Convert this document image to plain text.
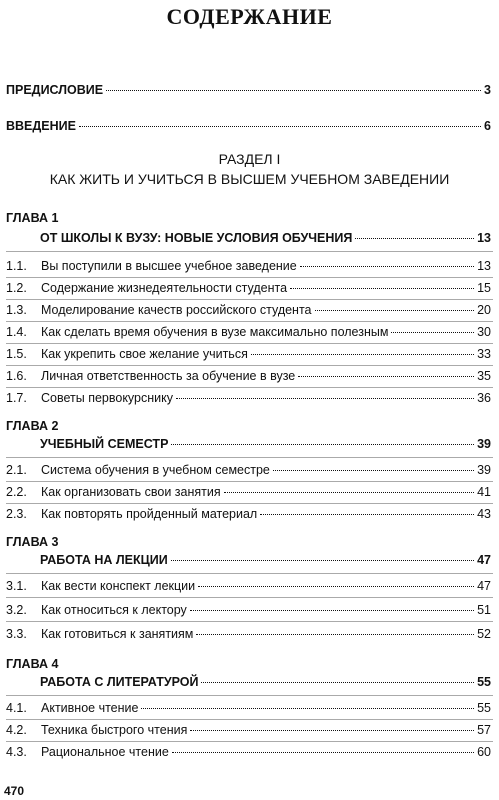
СОДЕРЖАНИЕ
ПРЕДИСЛОВИЕ	3
ВВЕДЕНИЕ	6
РАЗДЕЛ I
КАК ЖИТЬ И УЧИТЬСЯ В ВЫСШЕМ УЧЕБНОМ ЗАВЕДЕНИИ
ГЛАВА 1
ОТ ШКОЛЫ К ВУЗУ: НОВЫЕ УСЛОВИЯ ОБУЧЕНИЯ	13
1.1.	Вы поступили в высшее учебное заведение	13
1.2.	Содержание жизнедеятельности студента	15
1.3.	Моделирование качеств российского студента	20
1.4.	Как сделать время обучения в вузе максимально полезным	30
1.5.	Как укрепить свое желание учиться	33
1.6.	Личная ответственность за обучение в вузе	35
1.7.	Советы первокурснику	36
ГЛАВА 2
УЧЕБНЫЙ СЕМЕСТР	39
2.1.	Система обучения в учебном семестре	39
2.2.	Как организовать свои занятия	41
2.3.	Как повторять пройденный материал	43
ГЛАВА 3
РАБОТА НА ЛЕКЦИИ	47
3.1.	Как вести конспект лекции	47
3.2.	Как относиться к лектору	51
3.3.	Как готовиться к занятиям	52
ГЛАВА 4
РАБОТА С ЛИТЕРАТУРОЙ	55
4.1.	Активное чтение	55
4.2.	Техника быстрого чтения	57
4.3.	Рациональное чтение	60
470
